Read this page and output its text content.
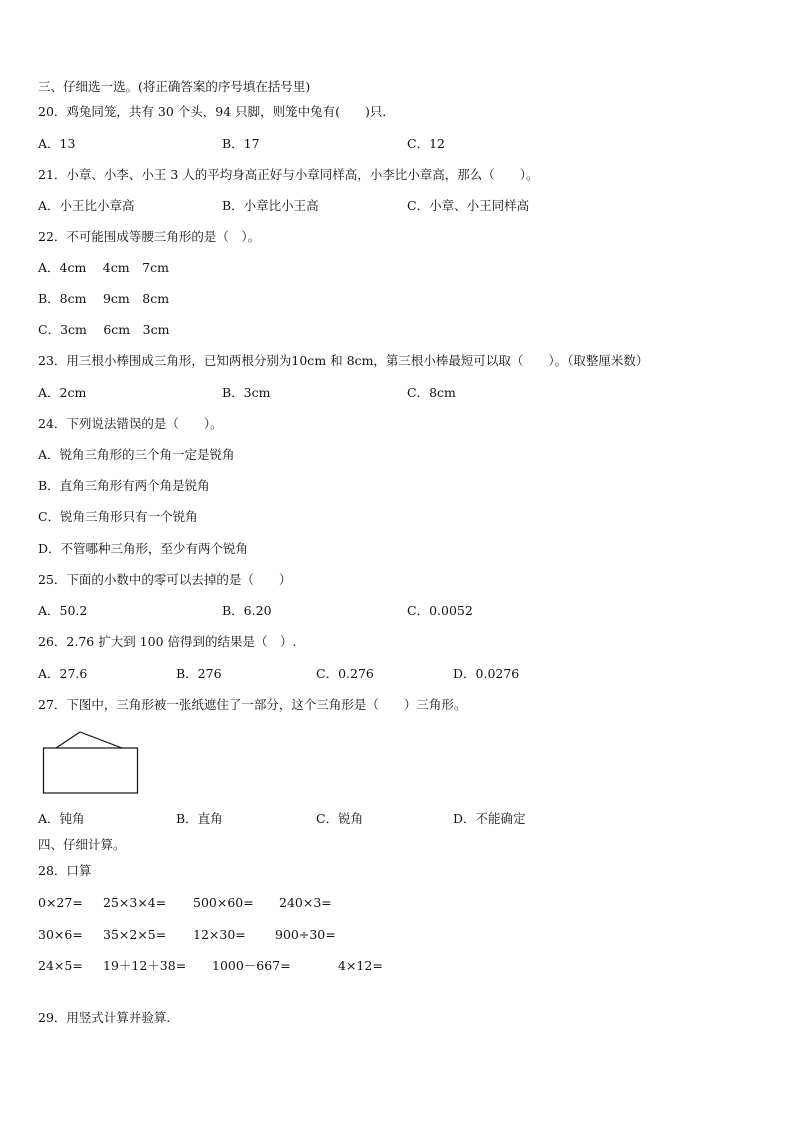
三、仔细选一选。(将正确答案的序号填在括号里)
20．鸡兔同笼，共有 30 个头，94 只脚，则笼中兔有(　　)只．
A．13	B．17	C．12
21．小章、小李、小王 3 人的平均身高正好与小章同样高，小李比小章高，那么（　　）。
A．小王比小章高	B．小章比小王高	C．小章、小王同样高
22．不可能围成等腰三角形的是（　）。
A．4cm　 4cm　7cm
B．8cm　 9cm　8cm
C．3cm　 6cm　3cm
23．用三根小棒围成三角形，已知两根分别为10cm 和 8cm，第三根小棒最短可以取（　　）。（取整厘米数）
A．2cm	B．3cm	C．8cm
24．下列说法错误的是（　　）。
A．锐角三角形的三个角一定是锐角
B．直角三角形有两个角是锐角
C．锐角三角形只有一个锐角
D．不管哪种三角形，至少有两个锐角
25．下面的小数中的零可以去掉的是（　　）
A．50.2	B．6.20	C．0.0052
26．2.76 扩大到 100 倍得到的结果是（　）.
A．27.6	B．276	C．0.276	D．0.0276
27．下图中，三角形被一张纸遮住了一部分，这个三角形是（　　）三角形。
A．钝角	B．直角	C．锐角	D．不能确定
四、仔细计算。
28．口算
0×27= 25×3×4= 500×60= 240×3=
30×6= 35×2×5= 12×30= 900÷30=
24×5= 19＋12＋38= 1000－667=	4×12=
29．用竖式计算并验算.
